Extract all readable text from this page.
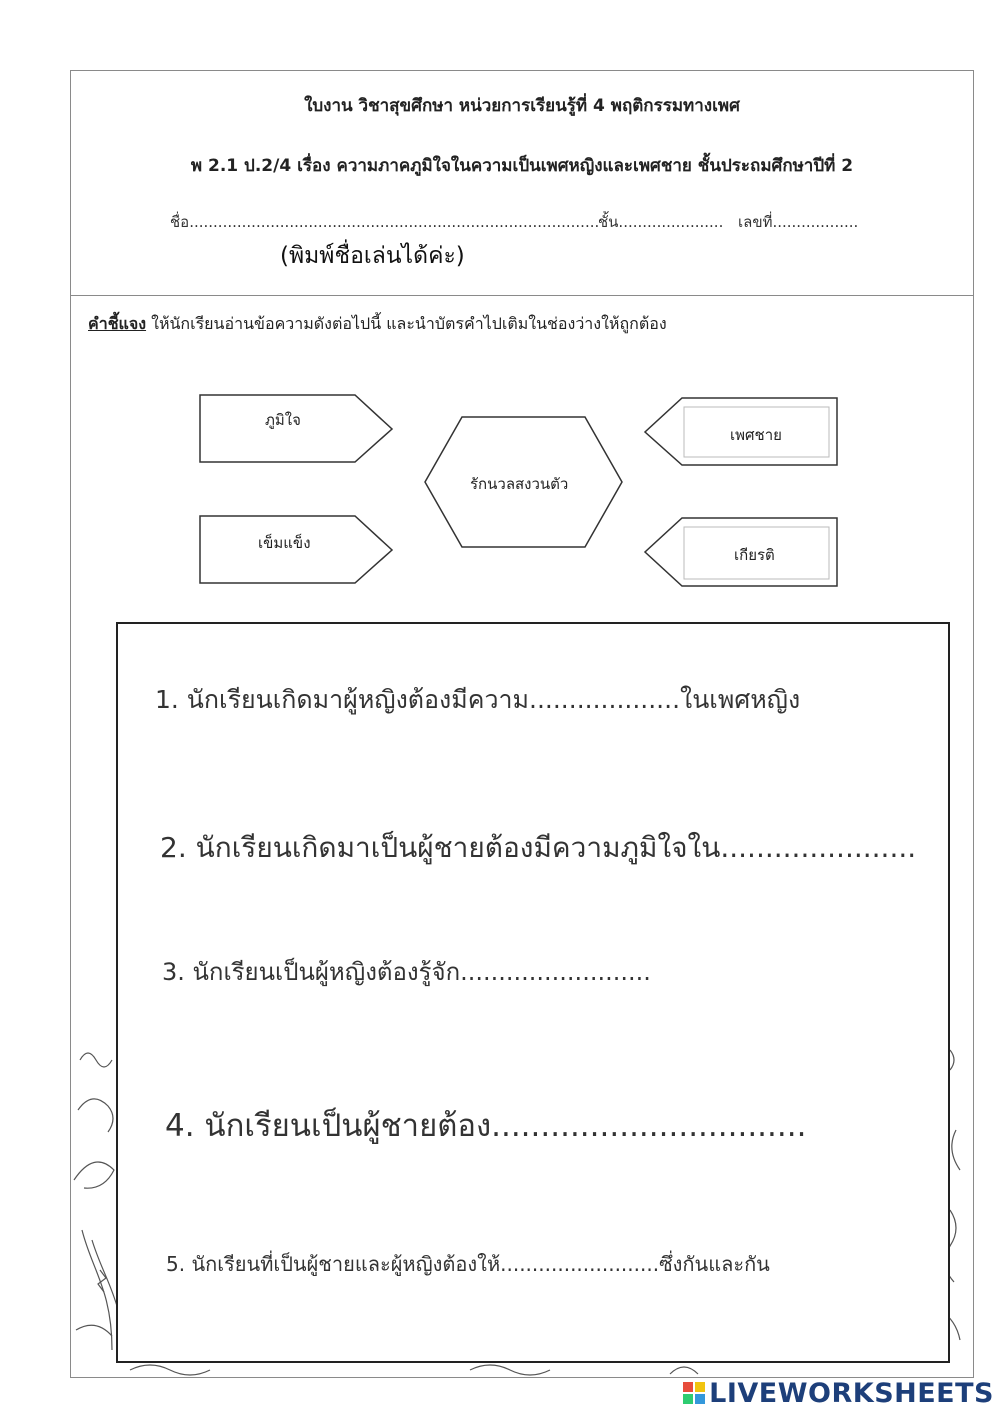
ใบงาน วิชาสุขศึกษา หน่วยการเรียนรู้ที่ 4 พฤติกรรมทางเพศ
พ 2.1 ป.2/4 เรื่อง ความภาคภูมิใจในความเป็นเพศหญิงและเพศชาย ชั้นประถมศึกษาปีที่ 2
ชื่อ......................................................................................
ชั้น...................... เลขที่..................
(พิมพ์ชื่อเล่นได้ค่ะ)
คำชี้แจง ให้นักเรียนอ่านข้อความดังต่อไปนี้ และนำบัตรคำไปเติมในช่องว่างให้ถูกต้อง
ภูมิใจ
เข็มแข็ง
รักนวลสงวนตัว
เพศชาย
เกียรติ
1. นักเรียนเกิดมาผู้หญิงต้องมีความ...................ในเพศหญิง
2. นักเรียนเกิดมาเป็นผู้ชายต้องมีความภูมิใจใน......................
3. นักเรียนเป็นผู้หญิงต้องรู้จัก.........................
4. นักเรียนเป็นผู้ชายต้อง................................
5. นักเรียนที่เป็นผู้ชายและผู้หญิงต้องให้.........................ซึ่งกันและกัน
LIVEWORKSHEETS
